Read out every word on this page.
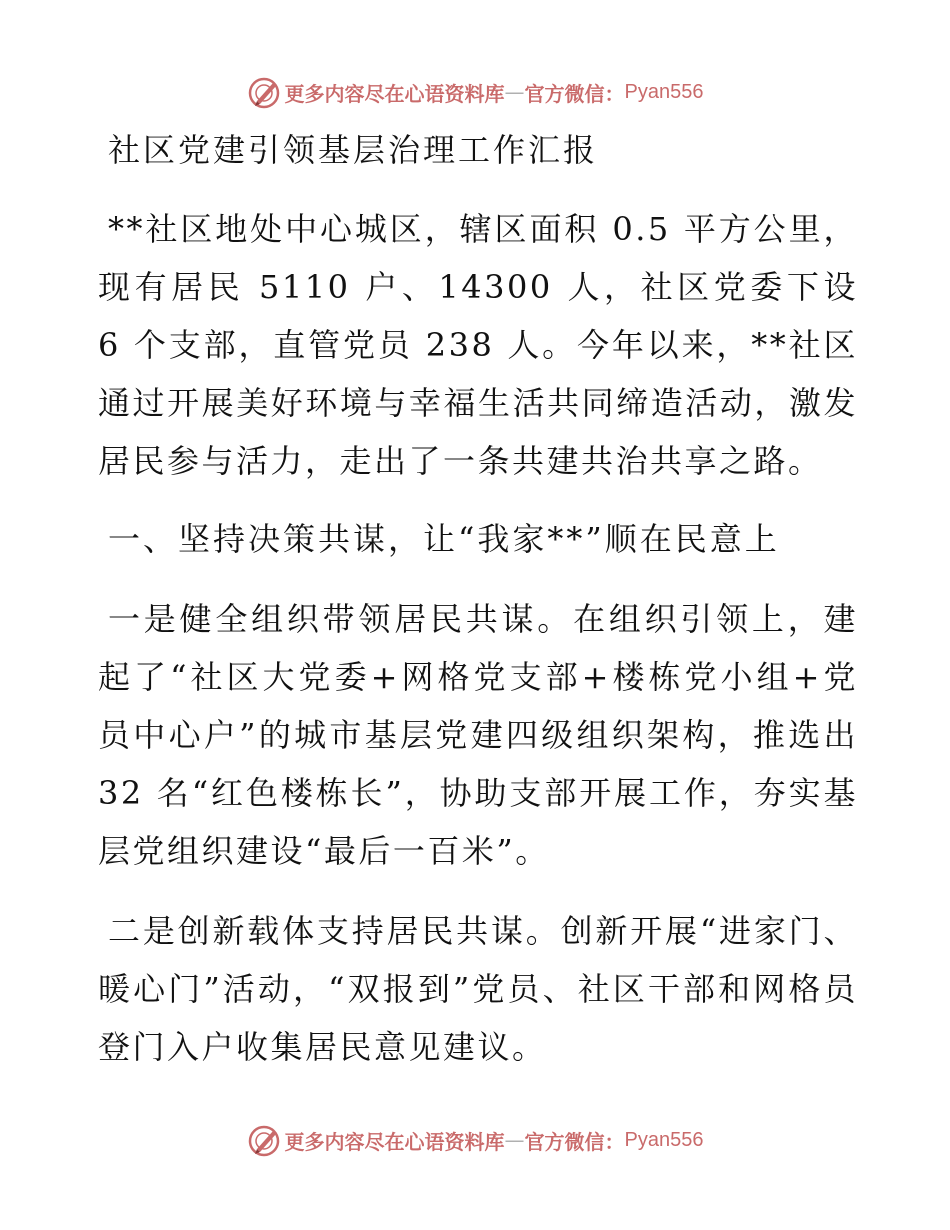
更多内容尽在心语资料库 — 官方微信： Pyan556
社区党建引领基层治理工作汇报

**社区地处中心城区，辖区面积 0.5 平方公里，现有居民 5110 户、14300 人，社区党委下设 6 个支部，直管党员 238 人。今年以来，**社区通过开展美好环境与幸福生活共同缔造活动，激发居民参与活力，走出了一条共建共治共享之路。

一、坚持决策共谋，让“我家**”顺在民意上

一是健全组织带领居民共谋。在组织引领上，建起了“社区大党委+网格党支部+楼栋党小组+党员中心户”的城市基层党建四级组织架构，推选出 32 名“红色楼栋长”，协助支部开展工作，夯实基层党组织建设“最后一百米”。

二是创新载体支持居民共谋。创新开展“进家门、暖心门”活动，“双报到”党员、社区干部和网格员登门入户收集居民意见建议。

更多内容尽在心语资料库 — 官方微信： Pyan556
